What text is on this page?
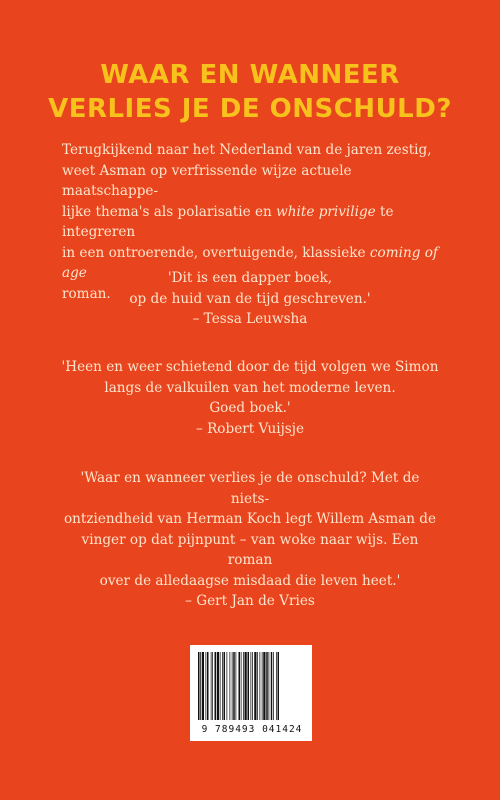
WAAR EN WANNEER
VERLIES JE DE ONSCHULD?

Terugkijkend naar het Nederland van de jaren zestig,

weet Asman op verfrissende wijze actuele maatschappe-

lijke thema's als polarisatie en white privilige te integreren

in een ontroerende, overtuigende, klassieke coming of age

roman.

'Dit is een dapper boek,
op de huid van de tijd geschreven.'
– Tessa Leuwsha
'Heen en weer schietend door de tijd volgen we Simon
langs de valkuilen van het moderne leven.
Goed boek.'
– Robert Vuijsje
'Waar en wanneer verlies je de onschuld? Met de niets-
ontziendheid van Herman Koch legt Willem Asman de
vinger op dat pijnpunt – van woke naar wijs. Een roman
over de alledaagse misdaad die leven heet.'
– Gert Jan de Vries
9 789493 041424
